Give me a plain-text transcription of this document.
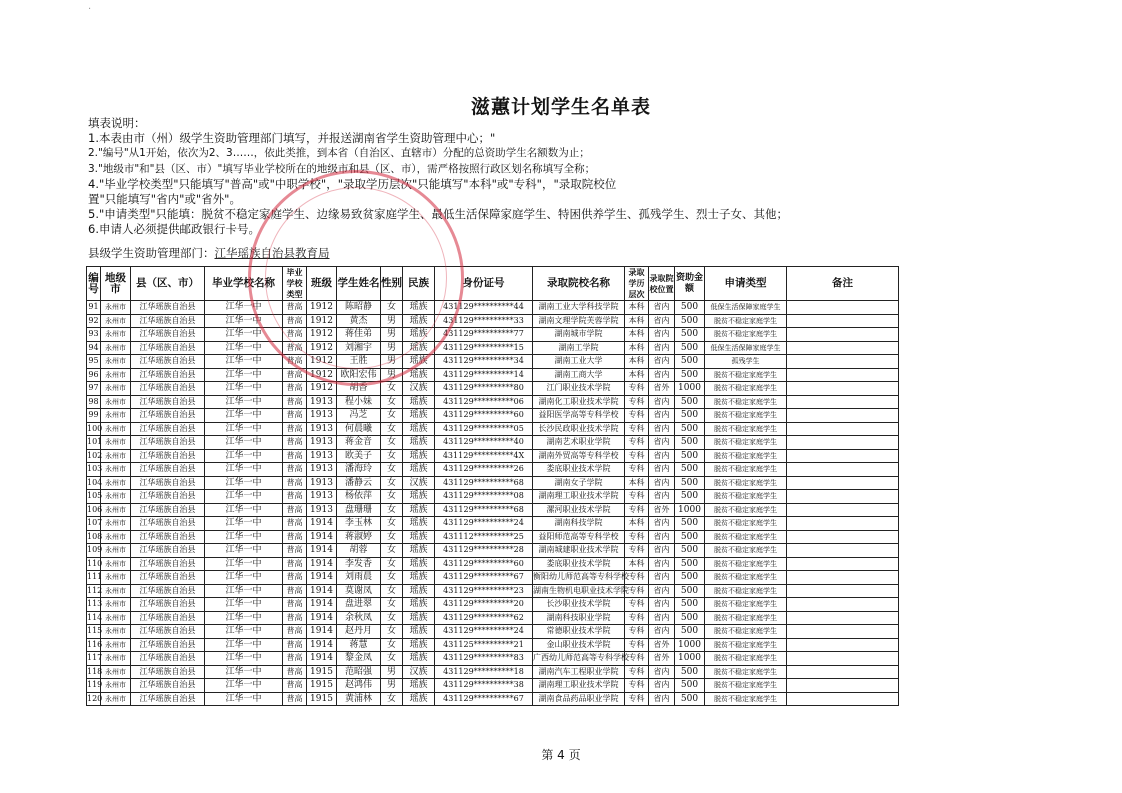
·
滋蕙计划学生名单表
填表说明：
1.本表由市（州）级学生资助管理部门填写，并报送湖南省学生资助管理中心；"
2."编号"从1开始，依次为2、3……，依此类推，到本省（自治区、直辖市）分配的总资助学生名额数为止；
3."地级市"和"县（区、市）"填写毕业学校所在的地级市和县（区、市），需严格按照行政区划名称填写全称；
4."毕业学校类型"只能填写"普高"或"中职学校"，"录取学历层次"只能填写"本科"或"专科"，"录取院校位
置"只能填写"省内"或"省外"。
5."申请类型"只能填：脱贫不稳定家庭学生、边缘易致贫家庭学生、最低生活保障家庭学生、特困供养学生、孤残学生、烈士子女、其他；
6.申请人必须提供邮政银行卡号。
县级学生资助管理部门：江华瑶族自治县教育局
编号	地级市	县（区、市）	毕业学校名称	毕业学校类型	班级	学生姓名	性别	民族	身份证号	录取院校名称	录取学历层次	录取院校位置	资助金额	申请类型	备注
91	永州市	江华瑶族自治县	江华一中	普高	1912	陈昭静	女	瑶族	431129**********44	湖南工业大学科技学院	本科	省内	500	低保生活保障家庭学生	
92	永州市	江华瑶族自治县	江华一中	普高	1912	黄杰	男	瑶族	431129**********33	湖南文理学院芙蓉学院	本科	省内	500	脱贫不稳定家庭学生	
93	永州市	江华瑶族自治县	江华一中	普高	1912	蒋佳弟	男	瑶族	431129**********77	湖南城市学院	本科	省内	500	脱贫不稳定家庭学生	
94	永州市	江华瑶族自治县	江华一中	普高	1912	刘湘宇	男	瑶族	431129**********15	湖南工学院	本科	省内	500	低保生活保障家庭学生	
95	永州市	江华瑶族自治县	江华一中	普高	1912	王胜	男	瑶族	431129**********34	湖南工业大学	本科	省内	500	孤残学生	
96	永州市	江华瑶族自治县	江华一中	普高	1912	欧阳宏伟	男	瑶族	431129**********14	湖南工商大学	本科	省内	500	脱贫不稳定家庭学生	
97	永州市	江华瑶族自治县	江华一中	普高	1912	胡香	女	汉族	431129**********80	江门职业技术学院	专科	省外	1000	脱贫不稳定家庭学生	
98	永州市	江华瑶族自治县	江华一中	普高	1913	程小妹	女	瑶族	431129**********06	湖南化工职业技术学院	专科	省内	500	脱贫不稳定家庭学生	
99	永州市	江华瑶族自治县	江华一中	普高	1913	冯芝	女	瑶族	431129**********60	益阳医学高等专科学校	专科	省内	500	脱贫不稳定家庭学生	
100	永州市	江华瑶族自治县	江华一中	普高	1913	何晨曦	女	瑶族	431129**********05	长沙民政职业技术学院	专科	省内	500	脱贫不稳定家庭学生	
101	永州市	江华瑶族自治县	江华一中	普高	1913	蒋金音	女	瑶族	431129**********40	湖南艺术职业学院	专科	省内	500	脱贫不稳定家庭学生	
102	永州市	江华瑶族自治县	江华一中	普高	1913	欧美子	女	瑶族	431129**********4X	湖南外贸高等专科学校	专科	省内	500	脱贫不稳定家庭学生	
103	永州市	江华瑶族自治县	江华一中	普高	1913	潘海玲	女	瑶族	431129**********26	娄底职业技术学院	专科	省内	500	脱贫不稳定家庭学生	
104	永州市	江华瑶族自治县	江华一中	普高	1913	潘静云	女	汉族	431129**********68	湖南女子学院	本科	省内	500	脱贫不稳定家庭学生	
105	永州市	江华瑶族自治县	江华一中	普高	1913	杨依萍	女	瑶族	431129**********08	湖南理工职业技术学院	专科	省内	500	脱贫不稳定家庭学生	
106	永州市	江华瑶族自治县	江华一中	普高	1913	盘珊珊	女	瑶族	431129**********68	漯河职业技术学院	专科	省外	1000	脱贫不稳定家庭学生	
107	永州市	江华瑶族自治县	江华一中	普高	1914	李玉林	女	瑶族	431129**********24	湖南科技学院	本科	省内	500	脱贫不稳定家庭学生	
108	永州市	江华瑶族自治县	江华一中	普高	1914	蒋淑婷	女	瑶族	431112**********25	益阳师范高等专科学校	专科	省内	500	脱贫不稳定家庭学生	
109	永州市	江华瑶族自治县	江华一中	普高	1914	胡蓉	女	瑶族	431129**********28	湖南城建职业技术学院	专科	省内	500	脱贫不稳定家庭学生	
110	永州市	江华瑶族自治县	江华一中	普高	1914	李发香	女	瑶族	431129**********60	娄底职业技术学院	本科	省内	500	脱贫不稳定家庭学生	
111	永州市	江华瑶族自治县	江华一中	普高	1914	刘雨晨	女	瑶族	431129**********67	衡阳幼儿师范高等专科学校	专科	省内	500	脱贫不稳定家庭学生	
112	永州市	江华瑶族自治县	江华一中	普高	1914	莫谢凤	女	瑶族	431129**********23	湖南生物机电职业技术学院	专科	省内	500	脱贫不稳定家庭学生	
113	永州市	江华瑶族自治县	江华一中	普高	1914	盘进翠	女	瑶族	431129**********20	长沙职业技术学院	专科	省内	500	脱贫不稳定家庭学生	
114	永州市	江华瑶族自治县	江华一中	普高	1914	余秋凤	女	瑶族	431129**********62	湖南科技职业学院	专科	省内	500	脱贫不稳定家庭学生	
115	永州市	江华瑶族自治县	江华一中	普高	1914	赵丹月	女	瑶族	431129**********24	常德职业技术学院	专科	省内	500	脱贫不稳定家庭学生	
116	永州市	江华瑶族自治县	江华一中	普高	1914	蒋慧	女	瑶族	431125**********21	金山职业技术学院	专科	省外	1000	脱贫不稳定家庭学生	
117	永州市	江华瑶族自治县	江华一中	普高	1914	黎金凤	女	瑶族	431129**********83	广西幼儿师范高等专科学校	专科	省外	1000	脱贫不稳定家庭学生	
118	永州市	江华瑶族自治县	江华一中	普高	1915	范昭强	男	汉族	431129**********18	湖南汽车工程职业学院	专科	省内	500	脱贫不稳定家庭学生	
119	永州市	江华瑶族自治县	江华一中	普高	1915	赵鸿伟	男	瑶族	431129**********38	湖南理工职业技术学院	专科	省内	500	脱贫不稳定家庭学生	
120	永州市	江华瑶族自治县	江华一中	普高	1915	黄浦林	女	瑶族	431129**********67	湖南食品药品职业学院	专科	省内	500	脱贫不稳定家庭学生	
第 4 页
